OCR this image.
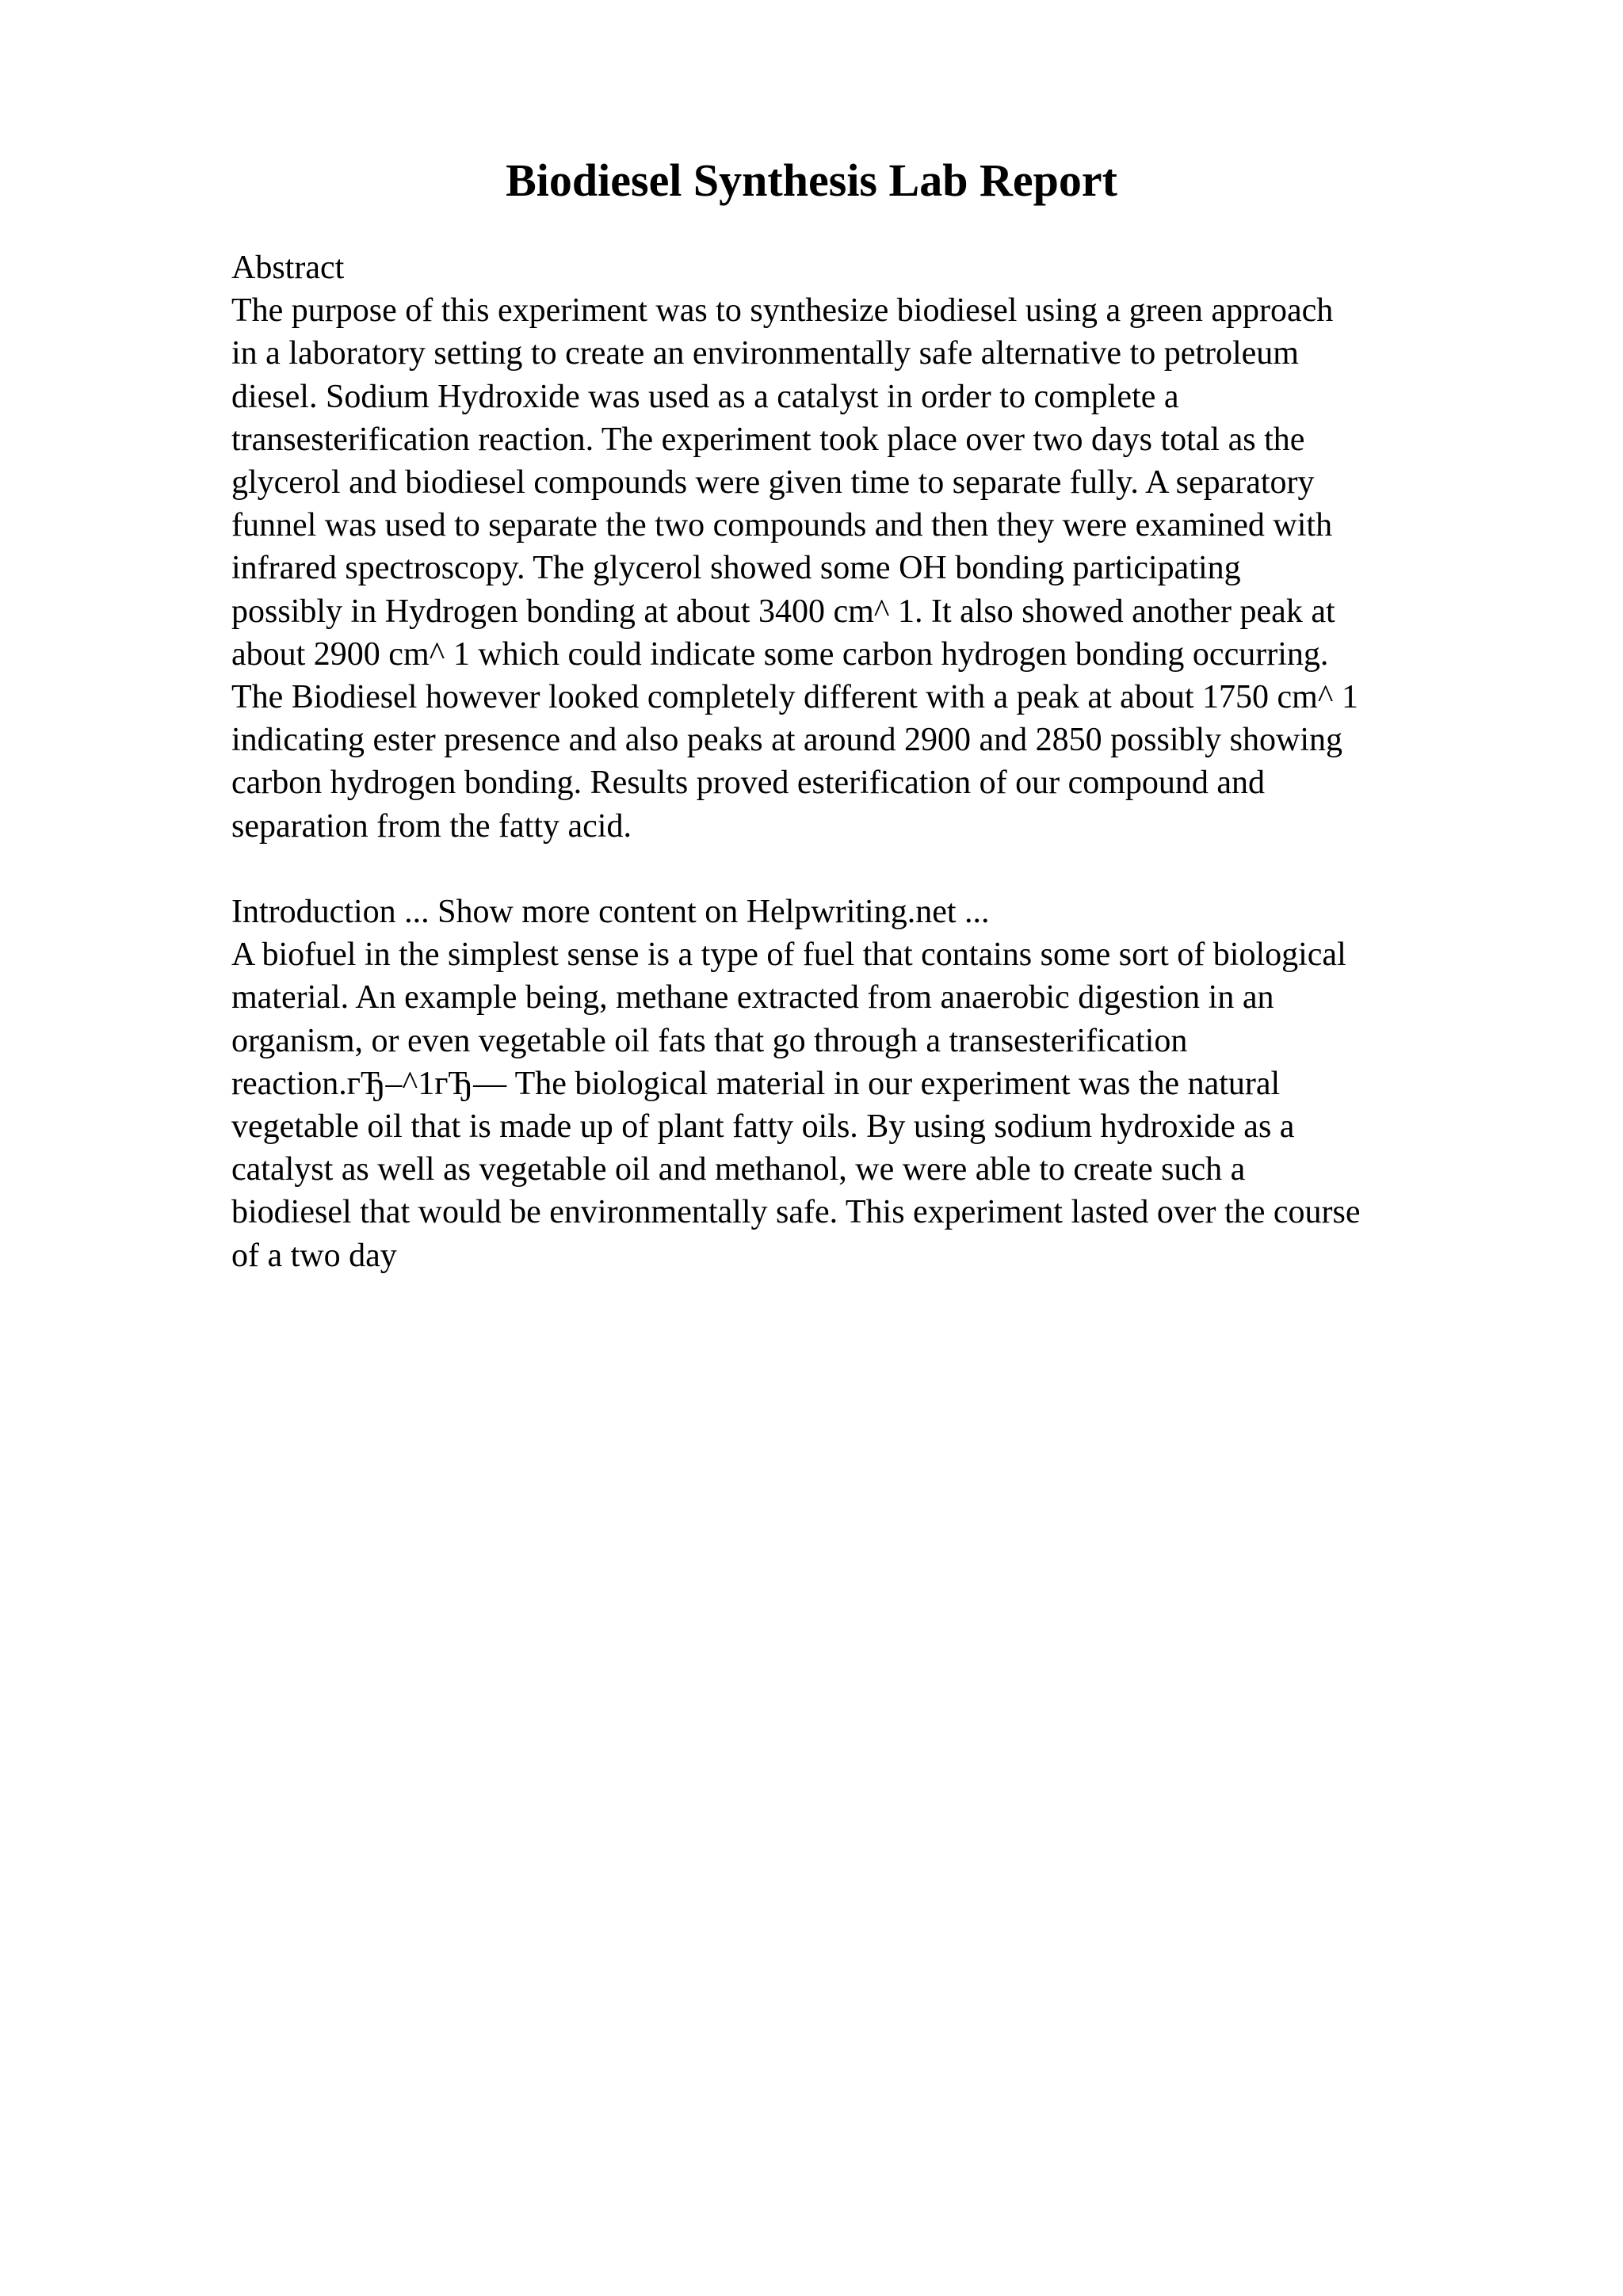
Biodiesel Synthesis Lab Report
Abstract
The purpose of this experiment was to synthesize biodiesel using a green approach
in a laboratory setting to create an environmentally safe alternative to petroleum
diesel. Sodium Hydroxide was used as a catalyst in order to complete a
transesterification reaction. The experiment took place over two days total as the
glycerol and biodiesel compounds were given time to separate fully. A separatory
funnel was used to separate the two compounds and then they were examined with
infrared spectroscopy. The glycerol showed some OH bonding participating
possibly in Hydrogen bonding at about 3400 cm^ 1. It also showed another peak at
about 2900 cm^ 1 which could indicate some carbon hydrogen bonding occurring.
The Biodiesel however looked completely different with a peak at about 1750 cm^ 1
indicating ester presence and also peaks at around 2900 and 2850 possibly showing
carbon hydrogen bonding. Results proved esterification of our compound and
separation from the fatty acid.
Introduction ... Show more content on Helpwriting.net ...
A biofuel in the simplest sense is a type of fuel that contains some sort of biological
material. An example being, methane extracted from anaerobic digestion in an
organism, or even vegetable oil fats that go through a transesterification
reaction.гЂ–^1гЂ— The biological material in our experiment was the natural
vegetable oil that is made up of plant fatty oils. By using sodium hydroxide as a
catalyst as well as vegetable oil and methanol, we were able to create such a
biodiesel that would be environmentally safe. This experiment lasted over the course
of a two day
